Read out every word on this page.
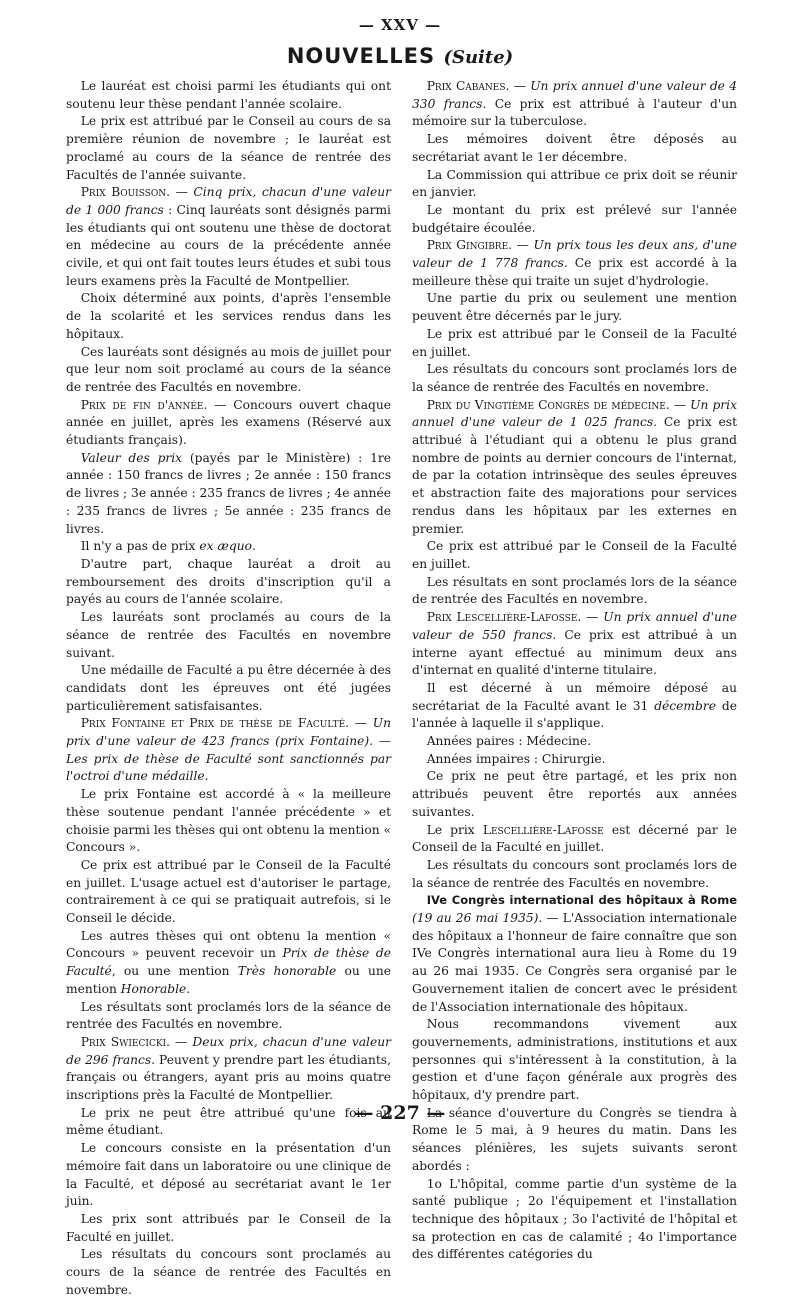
— XXV —
NOUVELLES (Suite)

Le lauréat est choisi parmi les étudiants qui ont soutenu leur thèse pendant l'année scolaire.

Le prix est attribué par le Conseil au cours de sa première réunion de novembre ; le lauréat est proclamé au cours de la séance de rentrée des Facultés de l'année suivante.

Prix Bouisson. — Cinq prix, chacun d'une valeur de 1 000 francs : Cinq lauréats sont désignés parmi les étudiants qui ont soutenu une thèse de doctorat en médecine au cours de la précédente année civile, et qui ont fait toutes leurs études et subi tous leurs examens près la Faculté de Montpellier.

Choix déterminé aux points, d'après l'ensemble de la scolarité et les services rendus dans les hôpitaux.

Ces lauréats sont désignés au mois de juillet pour que leur nom soit proclamé au cours de la séance de rentrée des Facultés en novembre.

Prix de fin d'année. — Concours ouvert chaque année en juillet, après les examens (Réservé aux étudiants français).

Valeur des prix (payés par le Ministère) : 1re année : 150 francs de livres ; 2e année : 150 francs de livres ; 3e année : 235 francs de livres ; 4e année : 235 francs de livres ; 5e année : 235 francs de livres.

Il n'y a pas de prix ex æquo.

D'autre part, chaque lauréat a droit au remboursement des droits d'inscription qu'il a payés au cours de l'année scolaire.

Les lauréats sont proclamés au cours de la séance de rentrée des Facultés en novembre suivant.

Une médaille de Faculté a pu être décernée à des candidats dont les épreuves ont été jugées particulièrement satisfaisantes.

Prix Fontaine et Prix de thèse de Faculté. — Un prix d'une valeur de 423 francs (prix Fontaine). — Les prix de thèse de Faculté sont sanctionnés par l'octroi d'une médaille.

Le prix Fontaine est accordé à « la meilleure thèse soutenue pendant l'année précédente » et choisie parmi les thèses qui ont obtenu la mention « Concours ».

Ce prix est attribué par le Conseil de la Faculté en juillet. L'usage actuel est d'autoriser le partage, contrairement à ce qui se pratiquait autrefois, si le Conseil le décide.

Les autres thèses qui ont obtenu la mention « Concours » peuvent recevoir un Prix de thèse de Faculté, ou une mention Très honorable ou une mention Honorable.

Les résultats sont proclamés lors de la séance de rentrée des Facultés en novembre.

Prix Swiecicki. — Deux prix, chacun d'une valeur de 296 francs. Peuvent y prendre part les étudiants, français ou étrangers, ayant pris au moins quatre inscriptions près la Faculté de Montpellier.

Le prix ne peut être attribué qu'une fois au même étudiant.

Le concours consiste en la présentation d'un mémoire fait dans un laboratoire ou une clinique de la Faculté, et déposé au secrétariat avant le 1er juin.

Les prix sont attribués par le Conseil de la Faculté en juillet.

Les résultats du concours sont proclamés au cours de la séance de rentrée des Facultés en novembre.

Prix Cabanes. — Un prix annuel d'une valeur de 4 330 francs. Ce prix est attribué à l'auteur d'un mémoire sur la tuberculose.

Les mémoires doivent être déposés au secrétariat avant le 1er décembre.

La Commission qui attribue ce prix doit se réunir en janvier.

Le montant du prix est prélevé sur l'année budgétaire écoulée.

Prix Gingibre. — Un prix tous les deux ans, d'une valeur de 1 778 francs. Ce prix est accordé à la meilleure thèse qui traite un sujet d'hydrologie.

Une partie du prix ou seulement une mention peuvent être décernés par le jury.

Le prix est attribué par le Conseil de la Faculté en juillet.

Les résultats du concours sont proclamés lors de la séance de rentrée des Facultés en novembre.

Prix du Vingtième Congrès de médecine. — Un prix annuel d'une valeur de 1 025 francs. Ce prix est attribué à l'étudiant qui a obtenu le plus grand nombre de points au dernier concours de l'internat, de par la cotation intrinsèque des seules épreuves et abstraction faite des majorations pour services rendus dans les hôpitaux par les externes en premier.

Ce prix est attribué par le Conseil de la Faculté en juillet.

Les résultats en sont proclamés lors de la séance de rentrée des Facultés en novembre.

Prix Lescellière-Lafosse. — Un prix annuel d'une valeur de 550 francs. Ce prix est attribué à un interne ayant effectué au minimum deux ans d'internat en qualité d'interne titulaire.

Il est décerné à un mémoire déposé au secrétariat de la Faculté avant le 31 décembre de l'année à laquelle il s'applique.

Années paires : Médecine.

Années impaires : Chirurgie.

Ce prix ne peut être partagé, et les prix non attribués peuvent être reportés aux années suivantes.

Le prix Lescellière-Lafosse est décerné par le Conseil de la Faculté en juillet.

Les résultats du concours sont proclamés lors de la séance de rentrée des Facultés en novembre.

IVe Congrès international des hôpitaux à Rome (19 au 26 mai 1935). — L'Association internationale des hôpitaux a l'honneur de faire connaître que son IVe Congrès international aura lieu à Rome du 19 au 26 mai 1935. Ce Congrès sera organisé par le Gouvernement italien de concert avec le président de l'Association internationale des hôpitaux.

Nous recommandons vivement aux gouvernements, administrations, institutions et aux personnes qui s'intéressent à la constitution, à la gestion et d'une façon générale aux progrès des hôpitaux, d'y prendre part.

La séance d'ouverture du Congrès se tiendra à Rome le 5 mai, à 9 heures du matin. Dans les séances plénières, les sujets suivants seront abordés :

1o L'hôpital, comme partie d'un système de la santé publique ; 2o l'équipement et l'installation technique des hôpitaux ; 3o l'activité de l'hôpital et sa protection en cas de calamité ; 4o l'importance des différentes catégories du

— 227 —
